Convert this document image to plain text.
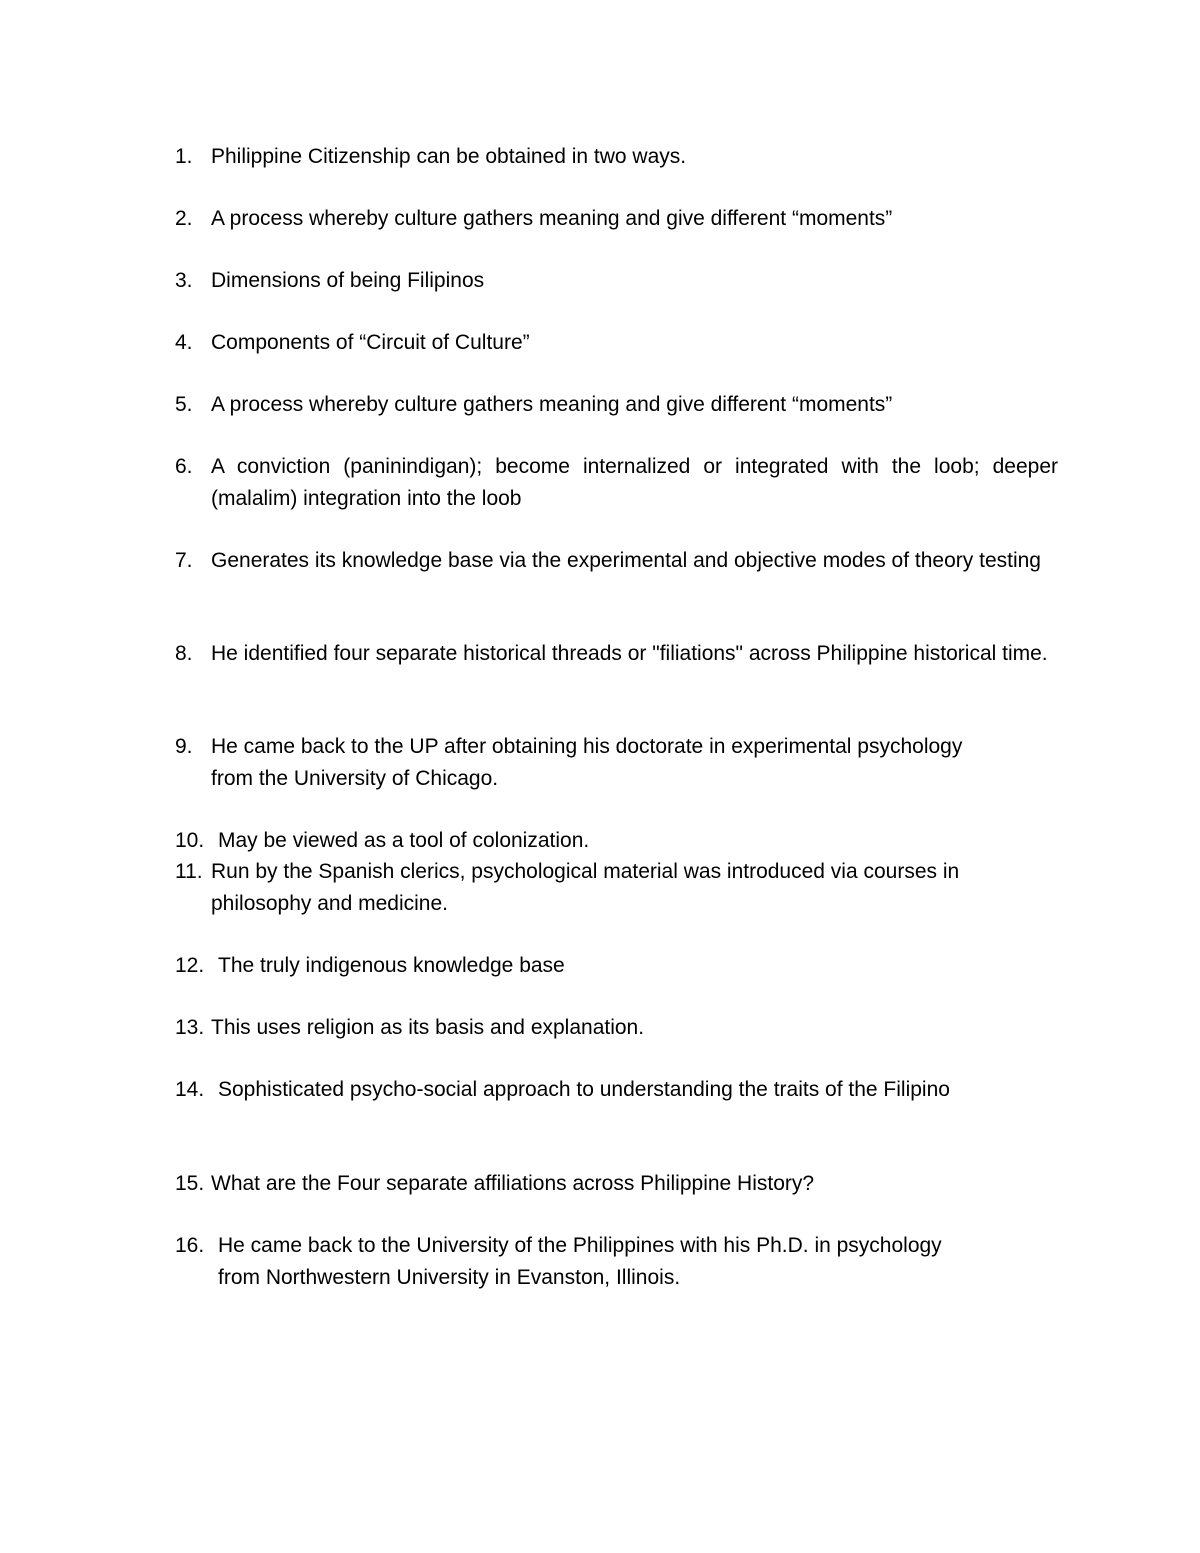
1. Philippine Citizenship can be obtained in two ways.
2. A process whereby culture gathers meaning and give different “moments”
3. Dimensions of being Filipinos
4. Components of “Circuit of Culture”
5. A process whereby culture gathers meaning and give different “moments”
6. A conviction (paninindigan); become internalized or integrated with the loob; deeper (malalim) integration into the loob
7. Generates its knowledge base via the experimental and objective modes of theory testing
8. He identified four separate historical threads or "filiations" across Philippine historical time.
9. He came back to the UP after obtaining his doctorate in experimental psychology from the University of Chicago.
10. May be viewed as a tool of colonization.
11. Run by the Spanish clerics, psychological material was introduced via courses in philosophy and medicine.
12. The truly indigenous knowledge base
13. This uses religion as its basis and explanation.
14. Sophisticated psycho-social approach to understanding the traits of the Filipino
15. What are the Four separate affiliations across Philippine History?
16. He came back to the University of the Philippines with his Ph.D. in psychology from Northwestern University in Evanston, Illinois.
